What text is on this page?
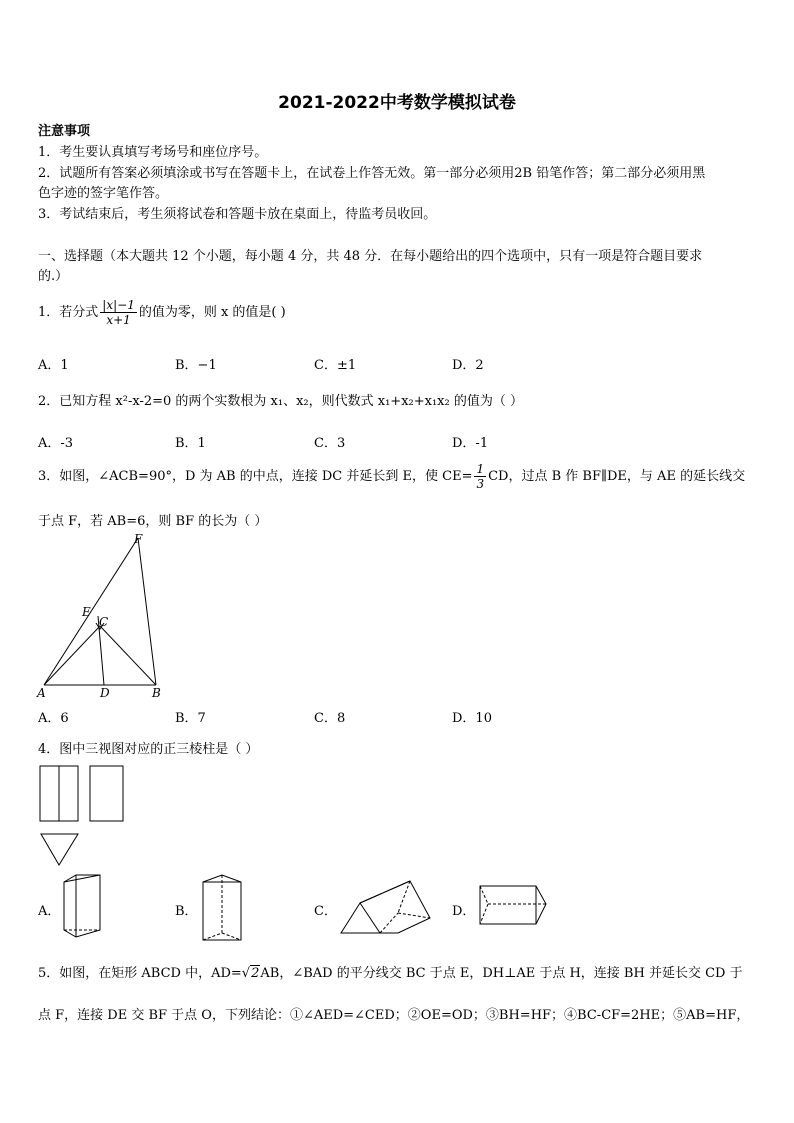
2021-2022中考数学模拟试卷
注意事项
1．考生要认真填写考场号和座位序号。
2．试题所有答案必须填涂或书写在答题卡上，在试卷上作答无效。第一部分必须用2B 铅笔作答；第二部分必须用黑
色字迹的签字笔作答。
3．考试结束后，考生须将试卷和答题卡放在桌面上，待监考员收回。
一、选择题（本大题共 12 个小题，每小题 4 分，共 48 分．在每小题给出的四个选项中，只有一项是符合题目要求
的.）
1．若分式 $\frac{|x|-1}{x+1}$ 的值为零，则 x 的值是( )
A．1	B．−1	C．±1	D．2
2．已知方程 x²-x-2=0 的两个实数根为 x₁、x₂，则代数式 x₁+x₂+x₁x₂ 的值为（ ）
A．-3	B．1	C．3	D．-1
3．如图，∠ACB=90°，D 为 AB 的中点，连接 DC 并延长到 E，使 $CE= \frac{1}{3}$ CD，过点 B 作 BF∥DE，与 AE 的延长线交
于点 F，若 AB=6，则 BF 的长为（ ）
F
E
C
A	D	B
A．6	B．7	C．8	D．10
4．图中三视图对应的正三棱柱是（ ）
A．	B．	C．	D．
5．如图，在矩形 ABCD 中，AD=√2AB，∠BAD 的平分线交 BC 于点 E，DH⊥AE 于点 H，连接 BH 并延长交 CD 于
点 F，连接 DE 交 BF 于点 O，下列结论：①∠AED=∠CED；②OE=OD；③BH=HF；④BC-CF=2HE；⑤AB=HF，
